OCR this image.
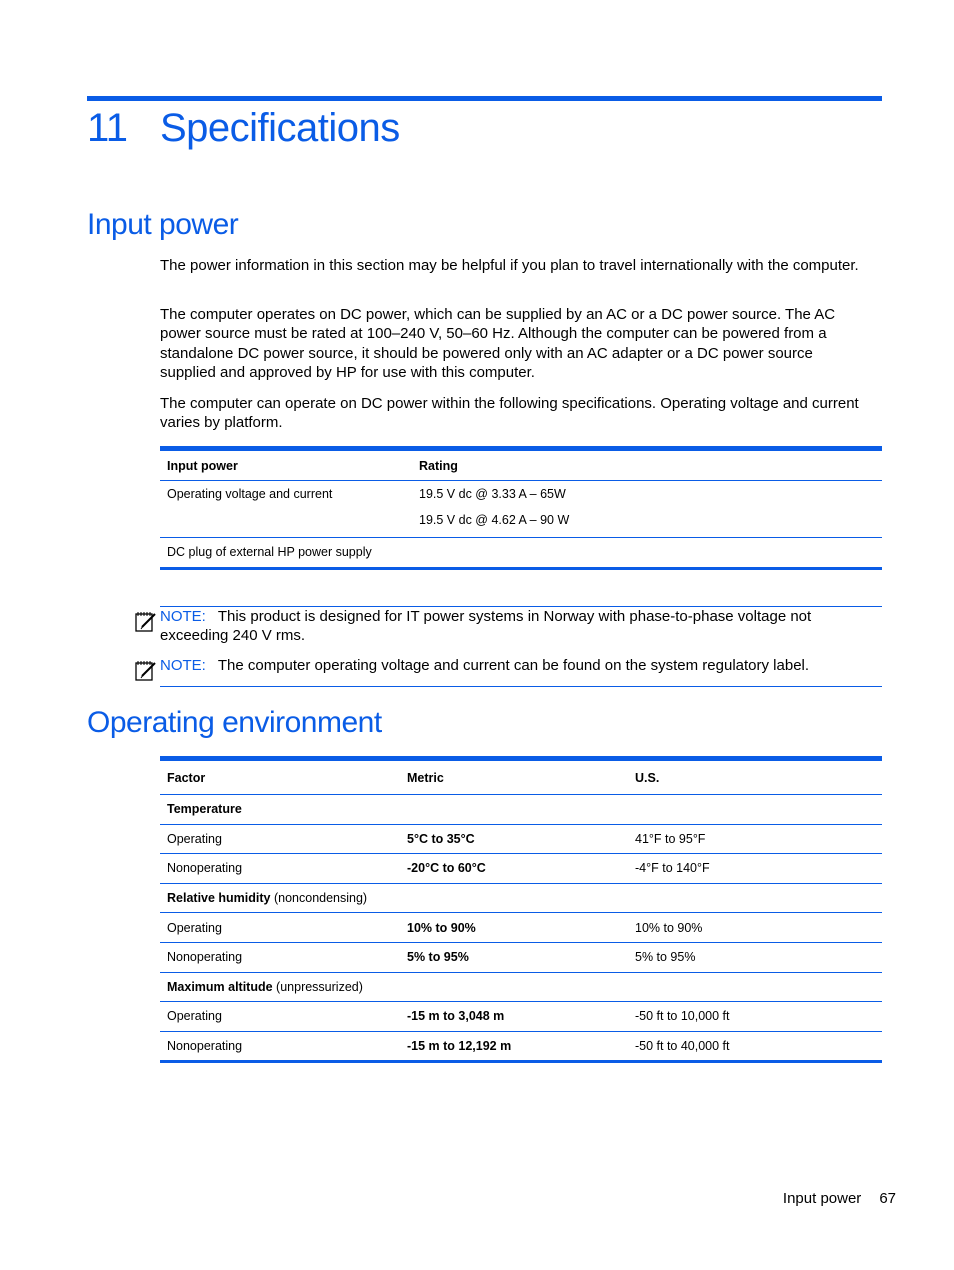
11 Specifications
Input power

The power information in this section may be helpful if you plan to travel internationally with the computer.

The computer operates on DC power, which can be supplied by an AC or a DC power source. The AC power source must be rated at 100–240 V, 50–60 Hz. Although the computer can be powered from a standalone DC power source, it should be powered only with an AC adapter or a DC power source supplied and approved by HP for use with this computer.

The computer can operate on DC power within the following specifications. Operating voltage and current varies by platform.

Input power	Rating
Operating voltage and current	19.5 V dc @ 3.33 A – 65W
19.5 V dc @ 4.62 A – 90 W

DC plug of external HP power supply	
NOTE: This product is designed for IT power systems in Norway with phase-to-phase voltage not exceeding 240 V rms.
NOTE: The computer operating voltage and current can be found on the system regulatory label.
Operating environment
Factor	Metric	U.S.
Temperature		
Operating	5°C to 35°C	41°F to 95°F
Nonoperating	-20°C to 60°C	-4°F to 140°F
Relative humidity (noncondensing)		
Operating	10% to 90%	10% to 90%
Nonoperating	5% to 95%	5% to 95%
Maximum altitude (unpressurized)		
Operating	-15 m to 3,048 m	-50 ft to 10,000 ft
Nonoperating	-15 m to 12,192 m	-50 ft to 40,000 ft
Input power 67
